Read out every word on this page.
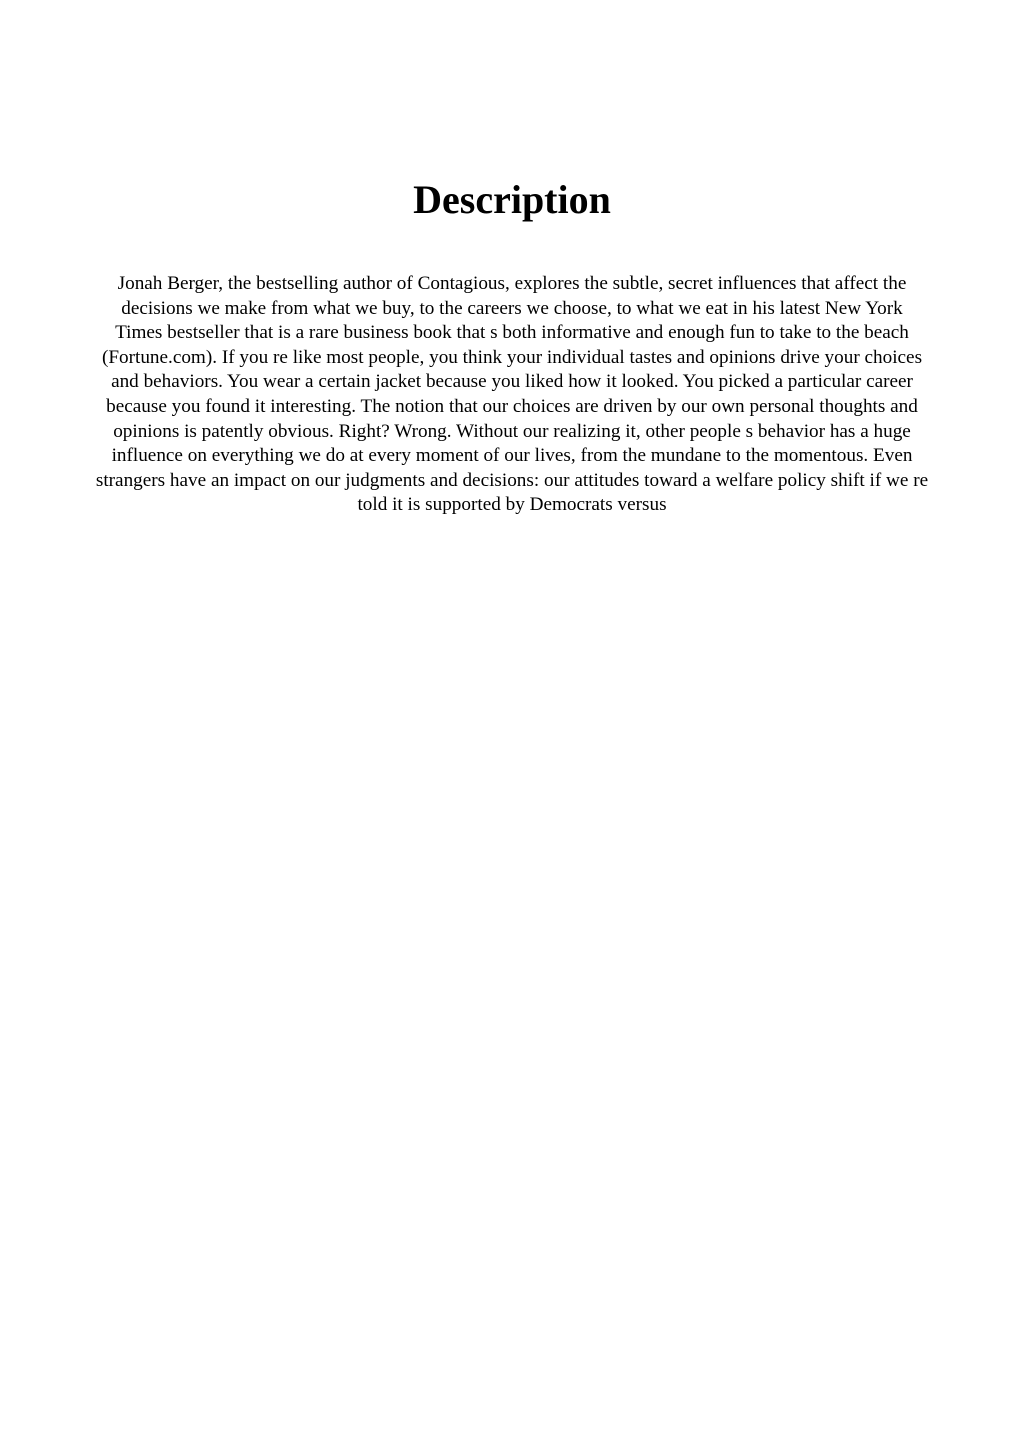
Description

Jonah Berger, the bestselling author of Contagious, explores the subtle, secret influences that affect the
decisions we make from what we buy, to the careers we choose, to what we eat in his latest New York
Times bestseller that is a rare business book that s both informative and enough fun to take to the beach
(Fortune.com). If you re like most people, you think your individual tastes and opinions drive your choices
and behaviors. You wear a certain jacket because you liked how it looked. You picked a particular career
because you found it interesting. The notion that our choices are driven by our own personal thoughts and
opinions is patently obvious. Right? Wrong. Without our realizing it, other people s behavior has a huge
influence on everything we do at every moment of our lives, from the mundane to the momentous. Even
strangers have an impact on our judgments and decisions: our attitudes toward a welfare policy shift if we re
told it is supported by Democrats versus
